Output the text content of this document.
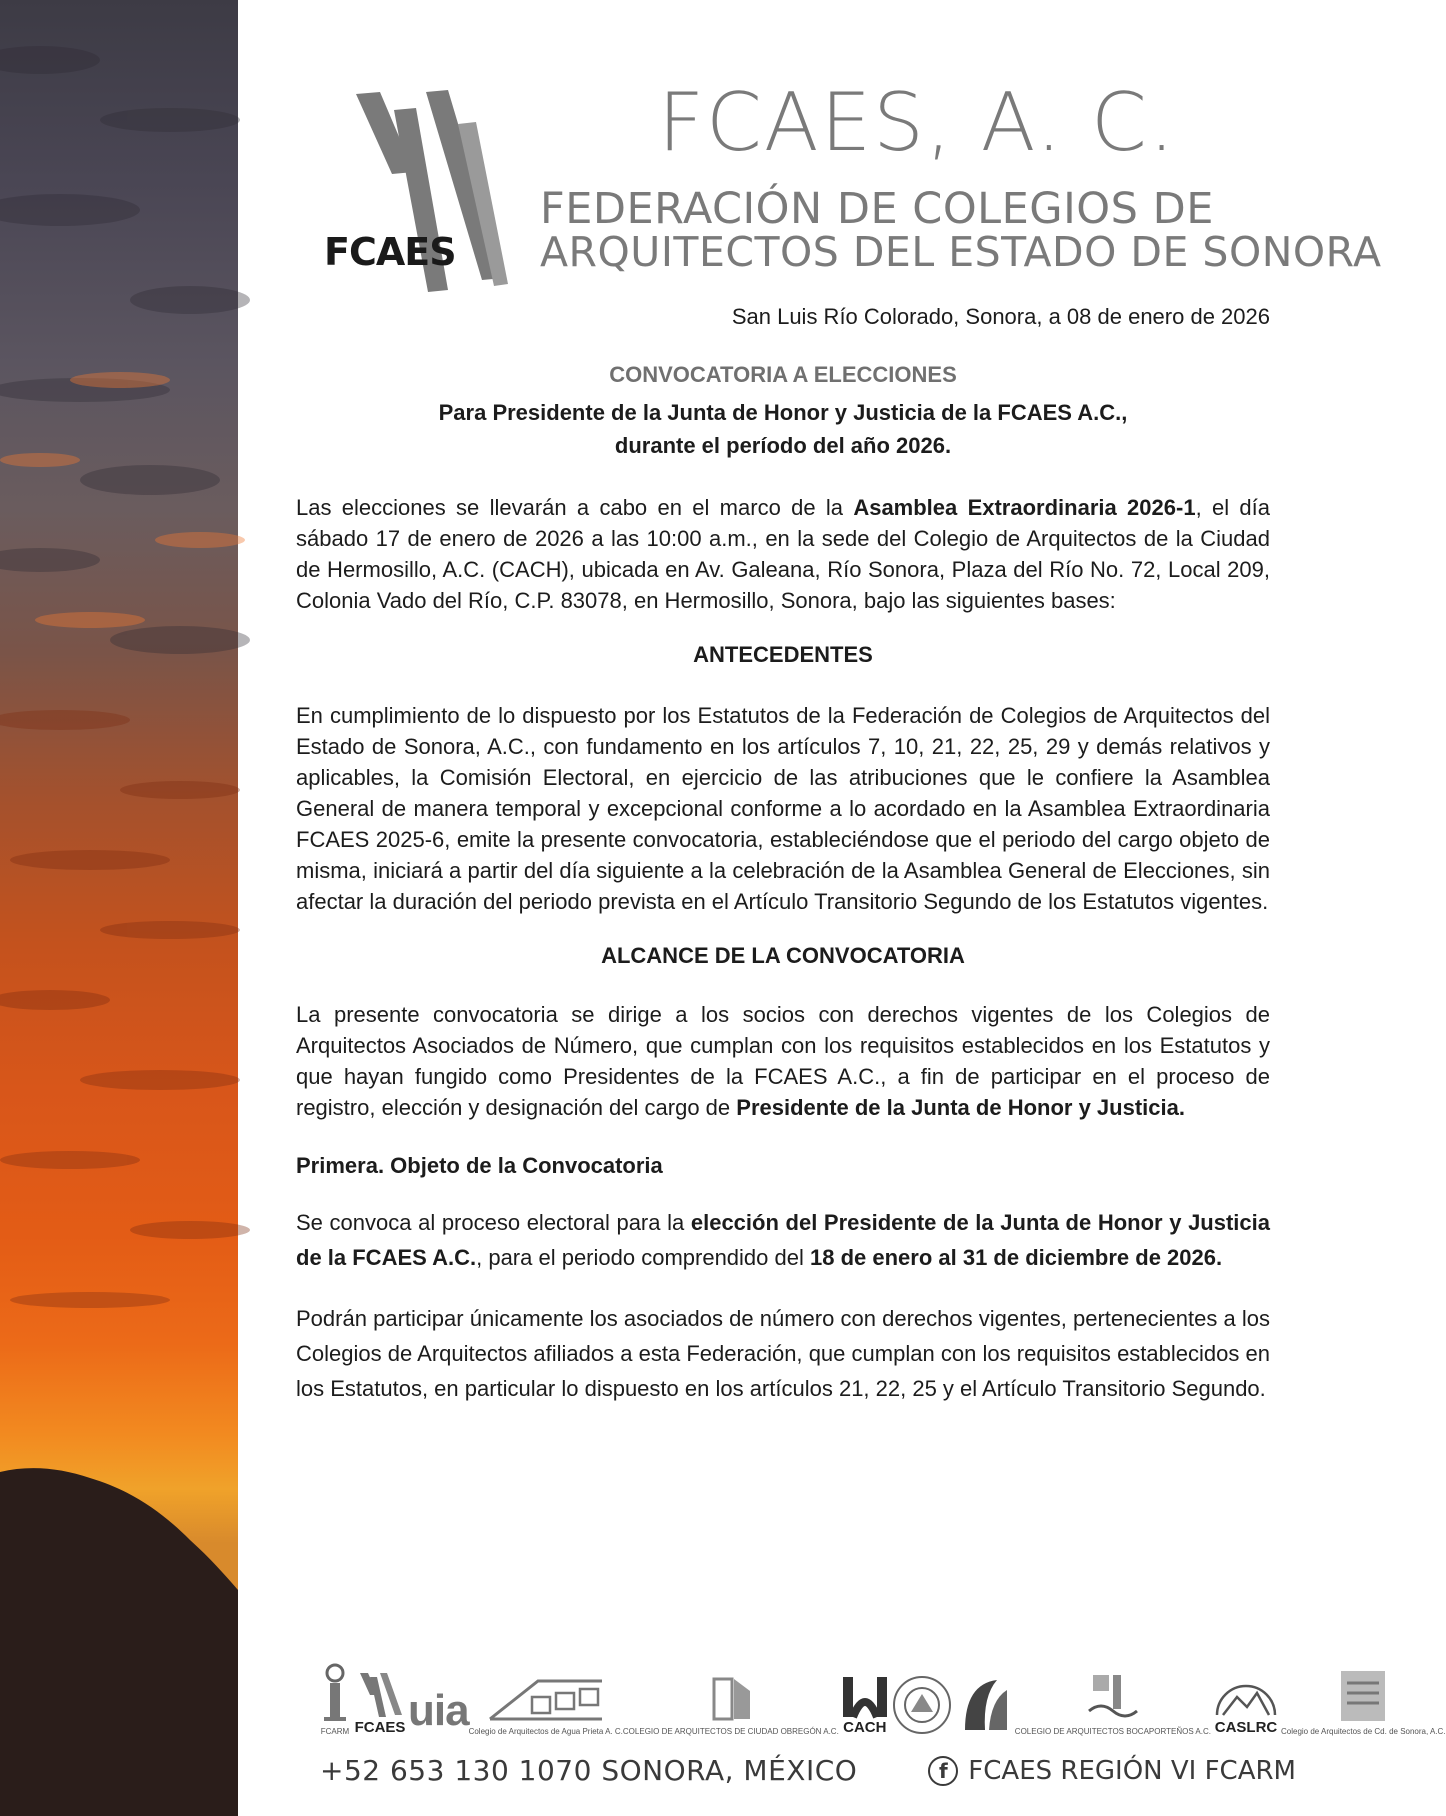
FCAES
FCAES, A. C.
FEDERACIÓN DE COLEGIOS DE
ARQUITECTOS DEL ESTADO DE SONORA
San Luis Río Colorado, Sonora, a 08 de enero de 2026

CONVOCATORIA A ELECCIONES

Para Presidente de la Junta de Honor y Justicia de la FCAES A.C.,
durante el período del año 2026.

Las elecciones se llevarán a cabo en el marco de la Asamblea Extraordinaria 2026-1, el día sábado 17 de enero de 2026 a las 10:00 a.m., en la sede del Colegio de Arquitectos de la Ciudad de Hermosillo, A.C. (CACH), ubicada en Av. Galeana, Río Sonora, Plaza del Río No. 72, Local 209, Colonia Vado del Río, C.P. 83078, en Hermosillo, Sonora, bajo las siguientes bases:

ANTECEDENTES

En cumplimiento de lo dispuesto por los Estatutos de la Federación de Colegios de Arquitectos del Estado de Sonora, A.C., con fundamento en los artículos 7, 10, 21, 22, 25, 29 y demás relativos y aplicables, la Comisión Electoral, en ejercicio de las atribuciones que le confiere la Asamblea General de manera temporal y excepcional conforme a lo acordado en la Asamblea Extraordinaria FCAES 2025-6, emite la presente convocatoria, estableciéndose que el periodo del cargo objeto de misma, iniciará a partir del día siguiente a la celebración de la Asamblea General de Elecciones, sin afectar la duración del periodo prevista en el Artículo Transitorio Segundo de los Estatutos vigentes.

ALCANCE DE LA CONVOCATORIA

La presente convocatoria se dirige a los socios con derechos vigentes de los Colegios de Arquitectos Asociados de Número, que cumplan con los requisitos establecidos en los Estatutos y que hayan fungido como Presidentes de la FCAES A.C., a fin de participar en el proceso de registro, elección y designación del cargo de Presidente de la Junta de Honor y Justicia.

Primera. Objeto de la Convocatoria

Se convoca al proceso electoral para la elección del Presidente de la Junta de Honor y Justicia de la FCAES A.C., para el periodo comprendido del 18 de enero al 31 de diciembre de 2026.

Podrán participar únicamente los asociados de número con derechos vigentes, pertenecientes a los Colegios de Arquitectos afiliados a esta Federación, que cumplan con los requisitos establecidos en los Estatutos, en particular lo dispuesto en los artículos 21, 22, 25 y el Artículo Transitorio Segundo.

FCARM FCAES uia Colegio de Arquitectos de Agua Prieta A. C. COLEGIO DE ARQUITECTOS DE CIUDAD OBREGÓN A.C. CACH	COLEGIO DE ARQUITECTOS BOCAPORTEÑOS A.C. CASLRC Colegio de Arquitectos de Cd. de Sonora, A.C.
+52 653 130 1070 SONORA, MÉXICO	f FCAES REGIÓN VI FCARM
